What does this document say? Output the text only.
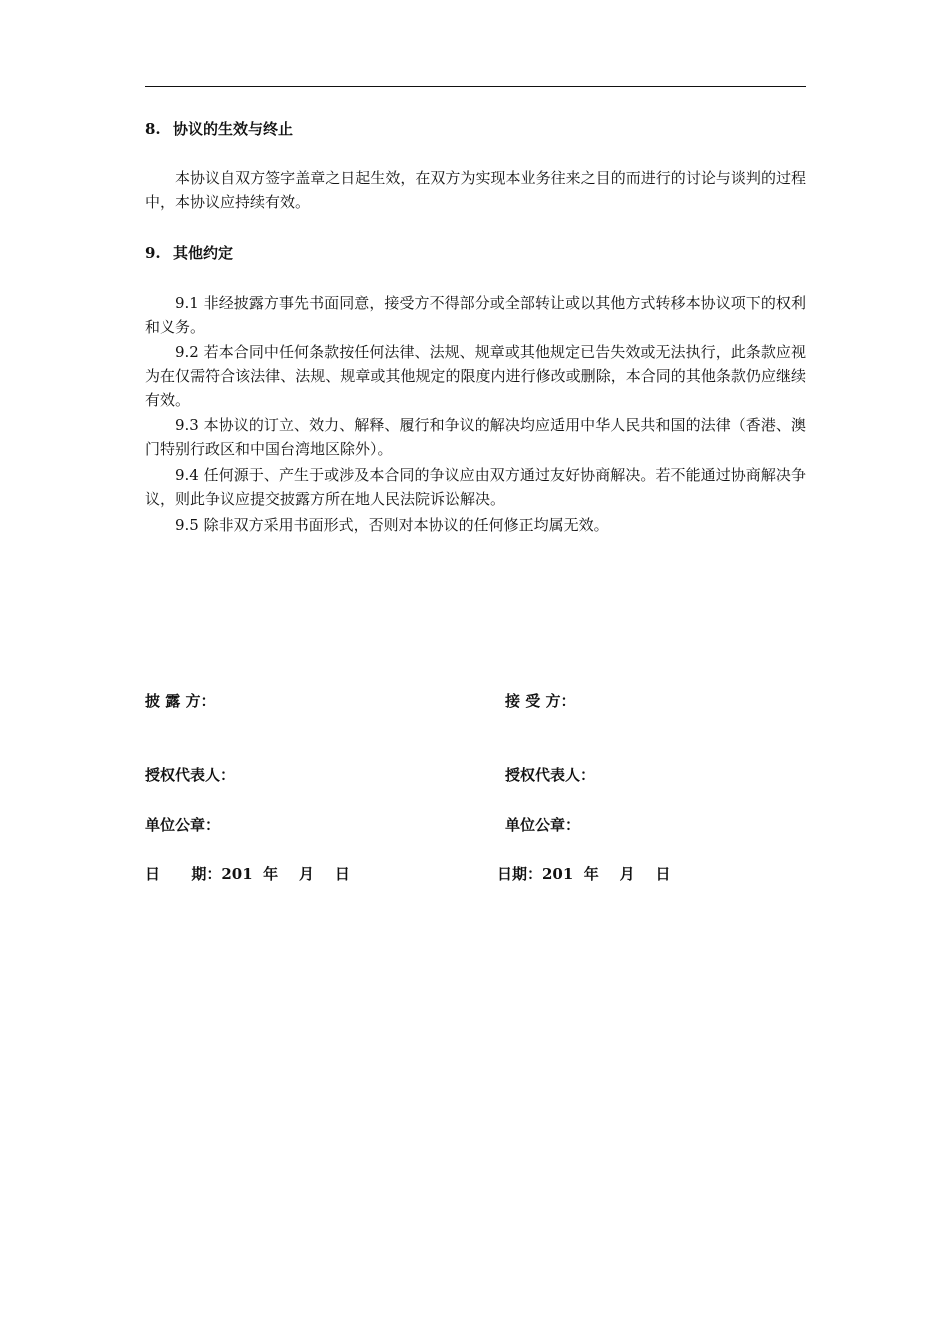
8. 协议的生效与终止
本协议自双方签字盖章之日起生效，在双方为实现本业务往来之目的而进行的讨论与谈判的过程中，本协议应持续有效。
9. 其他约定
9.1 非经披露方事先书面同意，接受方不得部分或全部转让或以其他方式转移本协议项下的权利和义务。
9.2 若本合同中任何条款按任何法律、法规、规章或其他规定已告失效或无法执行，此条款应视为在仅需符合该法律、法规、规章或其他规定的限度内进行修改或删除，本合同的其他条款仍应继续有效。
9.3 本协议的订立、效力、解释、履行和争议的解决均应适用中华人民共和国的法律（香港、澳门特别行政区和中国台湾地区除外）。
9.4 任何源于、产生于或涉及本合同的争议应由双方通过友好协商解决。若不能通过协商解决争议，则此争议应提交披露方所在地人民法院诉讼解决。
9.5 除非双方采用书面形式，否则对本协议的任何修正均属无效。
披 露 方：
授权代表人：
单位公章：
日      期：201  年    月    日
接 受 方：
授权代表人：
单位公章：
日期：201  年    月    日
